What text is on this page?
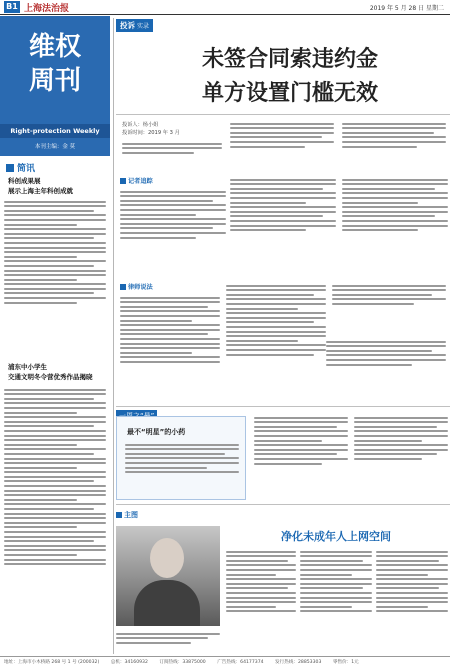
B1 上海法治报	2019 年 5 月 28 日 星期二
维权
周刊
Right-protection Weekly
本刊主编：金 莫
简讯
科创成果展
展示上海主年科创成就
浦东中小学生
交通文明冬令营优秀作品揭晓
投诉 实录
未签合同索违约金
单方设置门槛无效
投诉人：杨小姐
投诉时间：2019 年 3 月
记者追踪
律师说法
最不“明星”的小药
主图
净化未成年人上网空间
地址：上海市小木桥路 268 号 1 号 (200032) 总机：34160932 订阅热线：33875000 广告热线：64177374 发行热线：28853303 零售价：1元
